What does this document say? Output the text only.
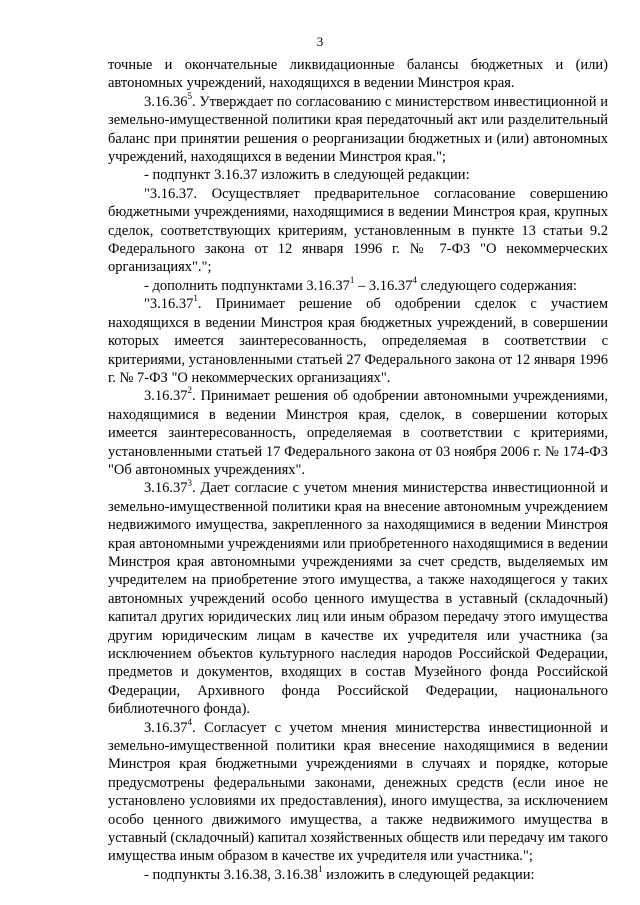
3

точные и окончательные ликвидационные балансы бюджетных и (или) автономных учреждений, находящихся в ведении Минстроя края.

3.16.36$^5$. Утверждает по согласованию с министерством инвестиционной и земельно-имущественной политики края передаточный акт или разделительный баланс при принятии решения о реорганизации бюджетных и (или) автономных учреждений, находящихся в ведении Минстроя края.";

- подпункт 3.16.37 изложить в следующей редакции:

"3.16.37. Осуществляет предварительное согласование совершению бюджетными учреждениями, находящимися в ведении Минстроя края, крупных сделок, соответствующих критериям, установленным в пункте 13 статьи 9.2 Федерального закона от 12 января 1996 г. № 7-ФЗ "О некоммерческих организациях".";

- дополнить подпунктами 3.16.37$^1$ – 3.16.37$^4$ следующего содержания:

"3.16.37$^1$. Принимает решение об одобрении сделок с участием находящихся в ведении Минстроя края бюджетных учреждений, в совершении которых имеется заинтересованность, определяемая в соответствии с критериями, установленными статьей 27 Федерального закона от 12 января 1996 г. № 7-ФЗ "О некоммерческих организациях".

3.16.37$^2$. Принимает решения об одобрении автономными учреждениями, находящимися в ведении Минстроя края, сделок, в совершении которых имеется заинтересованность, определяемая в соответствии с критериями, установленными статьей 17 Федерального закона от 03 ноября 2006 г. № 174-ФЗ "Об автономных учреждениях".

3.16.37$^3$. Дает согласие с учетом мнения министерства инвестиционной и земельно-имущественной политики края на внесение автономным учреждением недвижимого имущества, закрепленного за находящимися в ведении Минстроя края автономными учреждениями или приобретенного находящимися в ведении Минстроя края автономными учреждениями за счет средств, выделяемых им учредителем на приобретение этого имущества, а также находящегося у таких автономных учреждений особо ценного имущества в уставный (складочный) капитал других юридических лиц или иным образом передачу этого имущества другим юридическим лицам в качестве их учредителя или участника (за исключением объектов культурного наследия народов Российской Федерации, предметов и документов, входящих в состав Музейного фонда Российской Федерации, Архивного фонда Российской Федерации, национального библиотечного фонда).

3.16.37$^4$. Согласует с учетом мнения министерства инвестиционной и земельно-имущественной политики края внесение находящимися в ведении Минстроя края бюджетными учреждениями в случаях и порядке, которые предусмотрены федеральными законами, денежных средств (если иное не установлено условиями их предоставления), иного имущества, за исключением особо ценного движимого имущества, а также недвижимого имущества в уставный (складочный) капитал хозяйственных обществ или передачу им такого имущества иным образом в качестве их учредителя или участника.";

- подпункты 3.16.38, 3.16.38$^1$ изложить в следующей редакции:
